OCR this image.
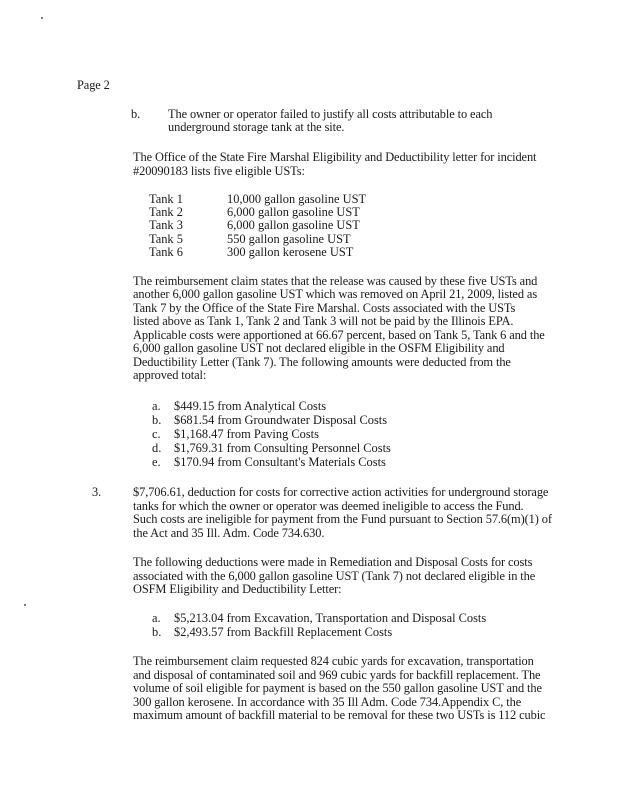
Page 2
b. The owner or operator failed to justify all costs attributable to each
underground storage tank at the site.
The Office of the State Fire Marshal Eligibility and Deductibility letter for incident
#20090183 lists five eligible USTs:
Tank 1	10,000 gallon gasoline UST
Tank 2	6,000 gallon gasoline UST
Tank 3	6,000 gallon gasoline UST
Tank 5	550 gallon gasoline UST
Tank 6	300 gallon kerosene UST
The reimbursement claim states that the release was caused by these five USTs and
another 6,000 gallon gasoline UST which was removed on April 21, 2009, listed as
Tank 7 by the Office of the State Fire Marshal. Costs associated with the USTs
listed above as Tank 1, Tank 2 and Tank 3 will not be paid by the Illinois EPA.
Applicable costs were apportioned at 66.67 percent, based on Tank 5, Tank 6 and the
6,000 gallon gasoline UST not declared eligible in the OSFM Eligibility and
Deductibility Letter (Tank 7). The following amounts were deducted from the
approved total:
a. $449.15 from Analytical Costs
b. $681.54 from Groundwater Disposal Costs
c. $1,168.47 from Paving Costs
d. $1,769.31 from Consulting Personnel Costs
e. $170.94 from Consultant's Materials Costs
3.	$7,706.61, deduction for costs for corrective action activities for underground storage
tanks for which the owner or operator was deemed ineligible to access the Fund.
Such costs are ineligible for payment from the Fund pursuant to Section 57.6(m)(1) of
the Act and 35 Ill. Adm. Code 734.630.
The following deductions were made in Remediation and Disposal Costs for costs
associated with the 6,000 gallon gasoline UST (Tank 7) not declared eligible in the
OSFM Eligibility and Deductibility Letter:
a. $5,213.04 from Excavation, Transportation and Disposal Costs
b. $2,493.57 from Backfill Replacement Costs
The reimbursement claim requested 824 cubic yards for excavation, transportation
and disposal of contaminated soil and 969 cubic yards for backfill replacement. The
volume of soil eligible for payment is based on the 550 gallon gasoline UST and the
300 gallon kerosene. In accordance with 35 Ill Adm. Code 734.Appendix C, the
maximum amount of backfill material to be removal for these two USTs is 112 cubic
